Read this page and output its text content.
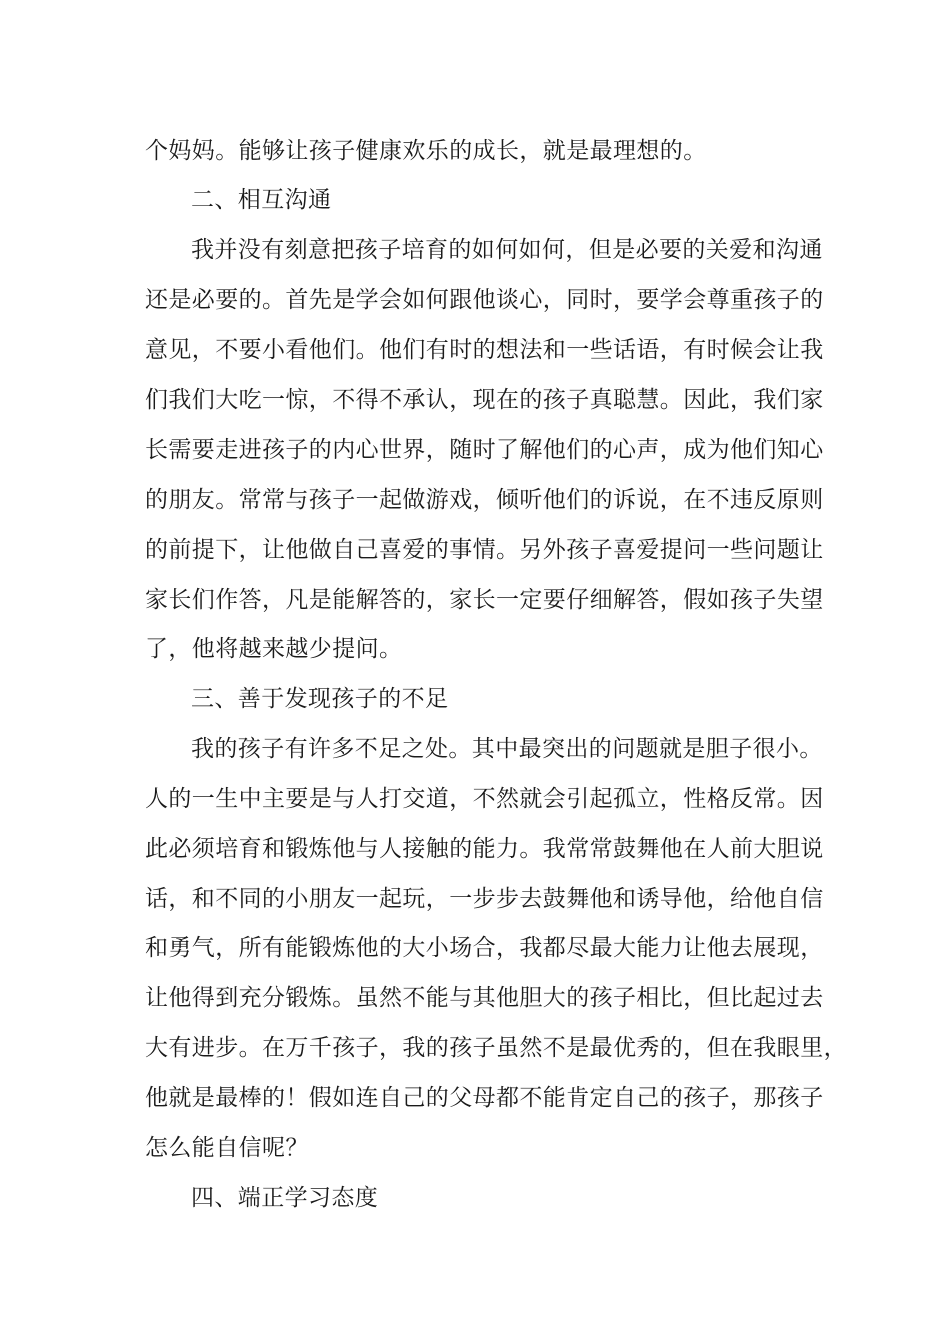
个妈妈。能够让孩子健康欢乐的成长，就是最理想的。
二、相互沟通
我并没有刻意把孩子培育的如何如何，但是必要的关爱和沟通
还是必要的。首先是学会如何跟他谈心，同时，要学会尊重孩子的
意见，不要小看他们。他们有时的想法和一些话语，有时候会让我
们我们大吃一惊，不得不承认，现在的孩子真聪慧。因此，我们家
长需要走进孩子的内心世界，随时了解他们的心声，成为他们知心
的朋友。常常与孩子一起做游戏，倾听他们的诉说，在不违反原则
的前提下，让他做自己喜爱的事情。另外孩子喜爱提问一些问题让
家长们作答，凡是能解答的，家长一定要仔细解答，假如孩子失望
了，他将越来越少提问。
三、善于发现孩子的不足
我的孩子有许多不足之处。其中最突出的问题就是胆子很小。
人的一生中主要是与人打交道，不然就会引起孤立，性格反常。因
此必须培育和锻炼他与人接触的能力。我常常鼓舞他在人前大胆说
话，和不同的小朋友一起玩，一步步去鼓舞他和诱导他，给他自信
和勇气，所有能锻炼他的大小场合，我都尽最大能力让他去展现，
让他得到充分锻炼。虽然不能与其他胆大的孩子相比，但比起过去
大有进步。在万千孩子，我的孩子虽然不是最优秀的，但在我眼里，
他就是最棒的！假如连自己的父母都不能肯定自己的孩子，那孩子
怎么能自信呢？
四、端正学习态度
